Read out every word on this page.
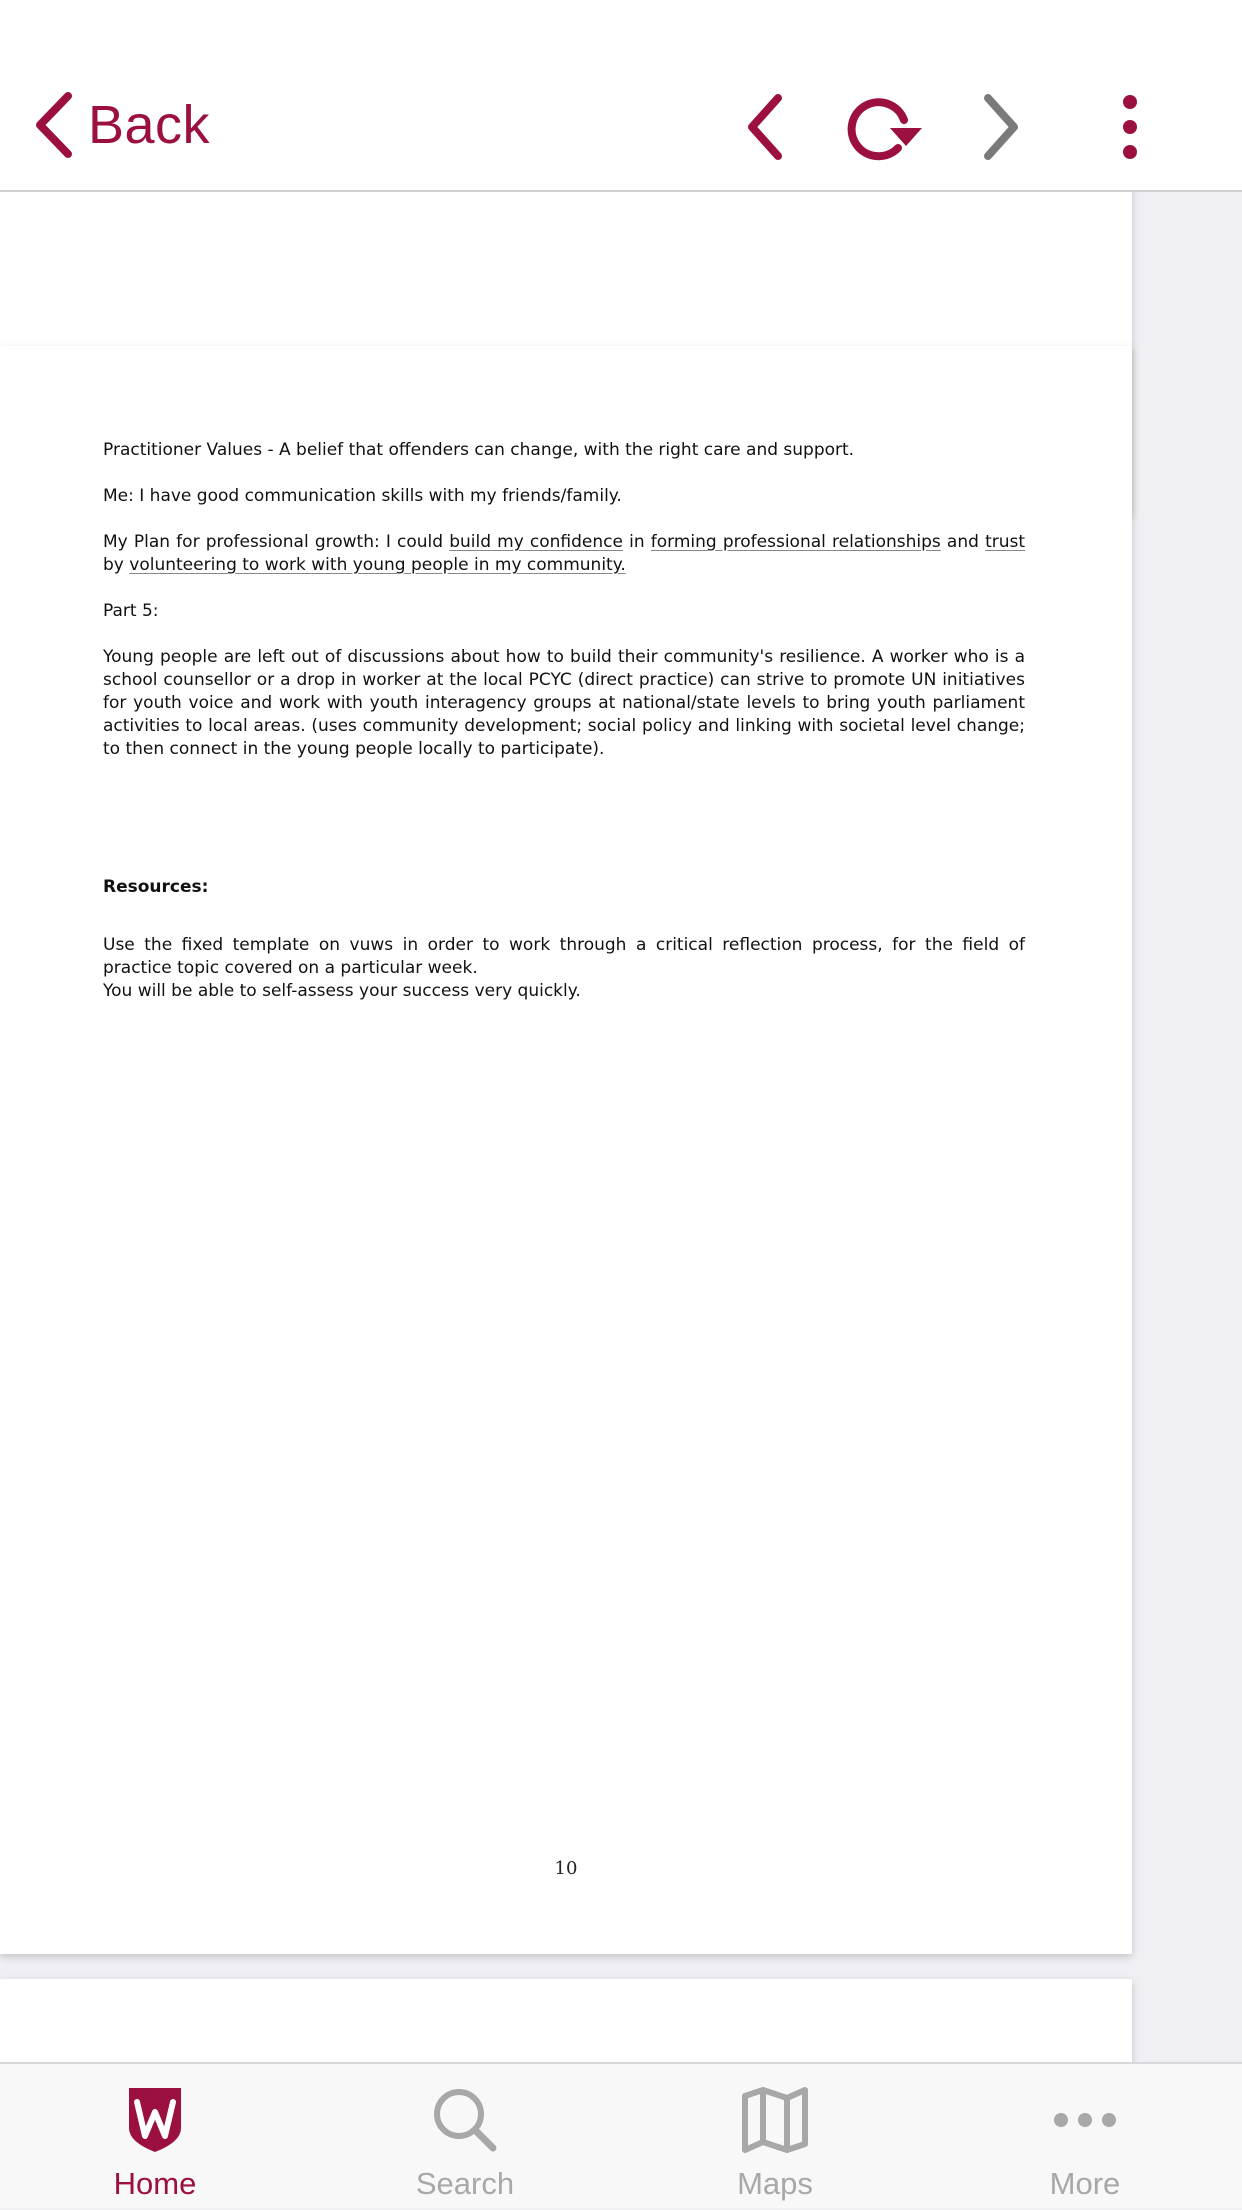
Back

Practitioner Values - A belief that offenders can change, with the right care and support.

Me: I have good communication skills with my friends/family.

My Plan for professional growth: I could build my confidence in forming professional relationships and trust by volunteering to work with young people in my community.

Part 5:

Young people are left out of discussions about how to build their community's resilience. A worker who is a school counsellor or a drop in worker at the local PCYC (direct practice) can strive to promote UN initiatives for youth voice and work with youth interagency groups at national/state levels to bring youth parliament activities to local areas. (uses community development; social policy and linking with societal level change; to then connect in the young people locally to participate).

Resources:

Use the fixed template on vuws in order to work through a critical reflection process, for the field of practice topic covered on a particular week.

You will be able to self-assess your success very quickly.

10
Home	Search	Maps	More
